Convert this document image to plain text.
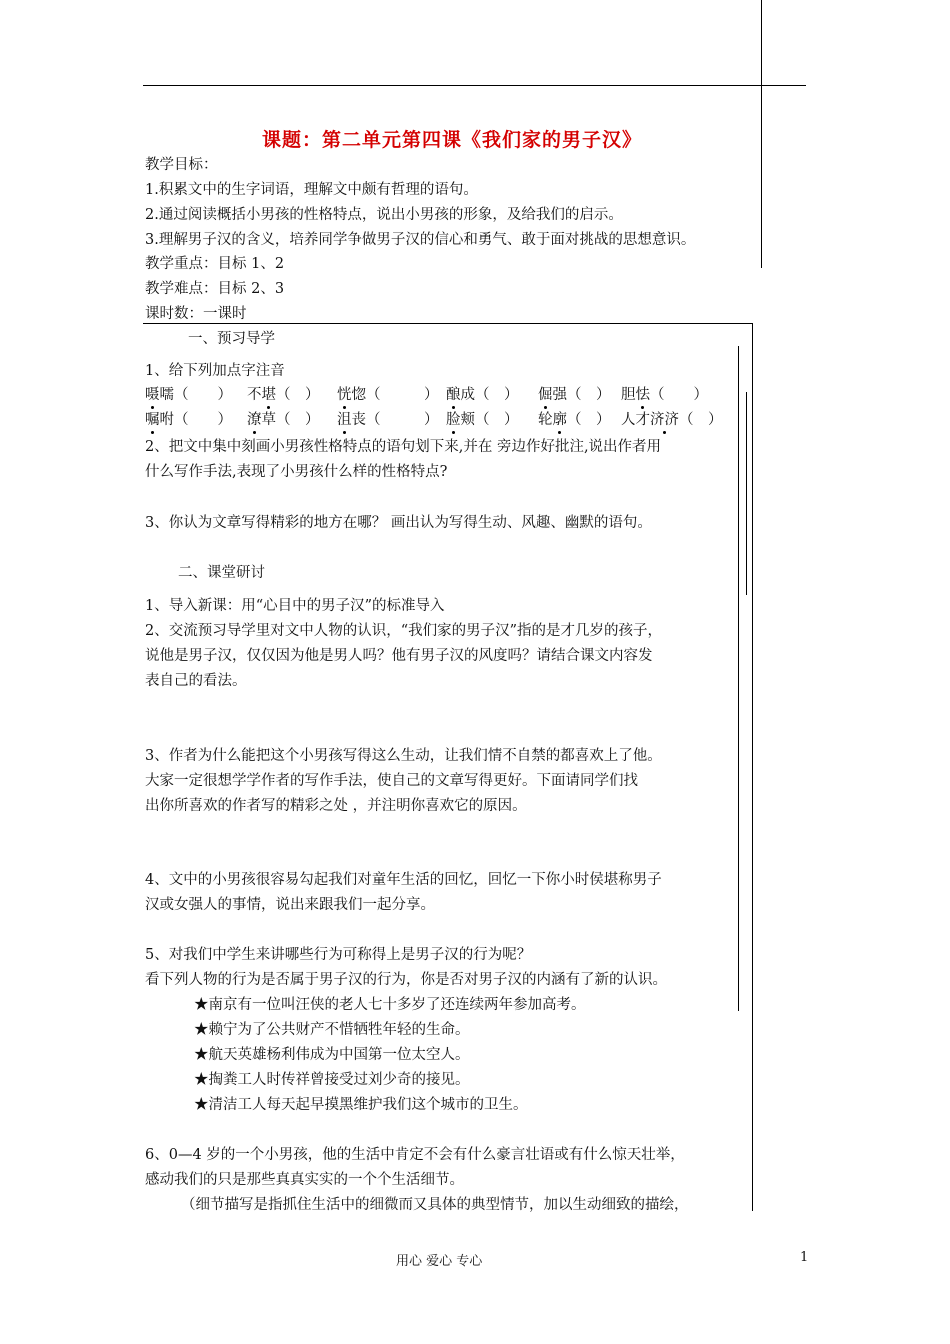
课题：第二单元第四课《我们家的男子汉》
教学目标：
1.积累文中的生字词语，理解文中颇有哲理的语句。
2.通过阅读概括小男孩的性格特点，说出小男孩的形象，及给我们的启示。
3.理解男子汉的含义，培养同学争做男子汉的信心和勇气、敢于面对挑战的思想意识。
教学重点：目标 1、2
教学难点：目标 2、3
课时数：一课时
一、预习导学
1、给下列加点字注音
嗫嚅（　　） 不堪（　） 恍惚（　　　） 酿成（　） 倔强（　） 胆怯（　　）
嘱咐（　　） 潦草（　） 沮丧（　　　） 脸颊（　） 轮廓（　） 人才济济（　）
2、把文中集中刻画小男孩性格特点的语句划下来,并在 旁边作好批注,说出作者用
什么写作手法,表现了小男孩什么样的性格特点?
3、你认为文章写得精彩的地方在哪？ 画出认为写得生动、风趣、幽默的语句。
二、课堂研讨
1、导入新课：用“心目中的男子汉”的标准导入
2、交流预习导学里对文中人物的认识，“我们家的男子汉”指的是才几岁的孩子，
说他是男子汉，仅仅因为他是男人吗？他有男子汉的风度吗？请结合课文内容发
表自己的看法。
3、作者为什么能把这个小男孩写得这么生动，让我们情不自禁的都喜欢上了他。
大家一定很想学学作者的写作手法，使自己的文章写得更好。下面请同学们找
出你所喜欢的作者写的精彩之处 ，并注明你喜欢它的原因。
4、文中的小男孩很容易勾起我们对童年生活的回忆，回忆一下你小时侯堪称男子
汉或女强人的事情，说出来跟我们一起分享。
5、对我们中学生来讲哪些行为可称得上是男子汉的行为呢？
看下列人物的行为是否属于男子汉的行为，你是否对男子汉的内涵有了新的认识。
★南京有一位叫汪侠的老人七十多岁了还连续两年参加高考。
★赖宁为了公共财产不惜牺牲年轻的生命。
★航天英雄杨利伟成为中国第一位太空人。
★掏粪工人时传祥曾接受过刘少奇的接见。
★清洁工人每天起早摸黑维护我们这个城市的卫生。
6、0—4 岁的一个小男孩，他的生活中肯定不会有什么豪言壮语或有什么惊天壮举，
感动我们的只是那些真真实实的一个个生活细节。
（细节描写是指抓住生活中的细微而又具体的典型情节，加以生动细致的描绘，
用心 爱心 专心	1
